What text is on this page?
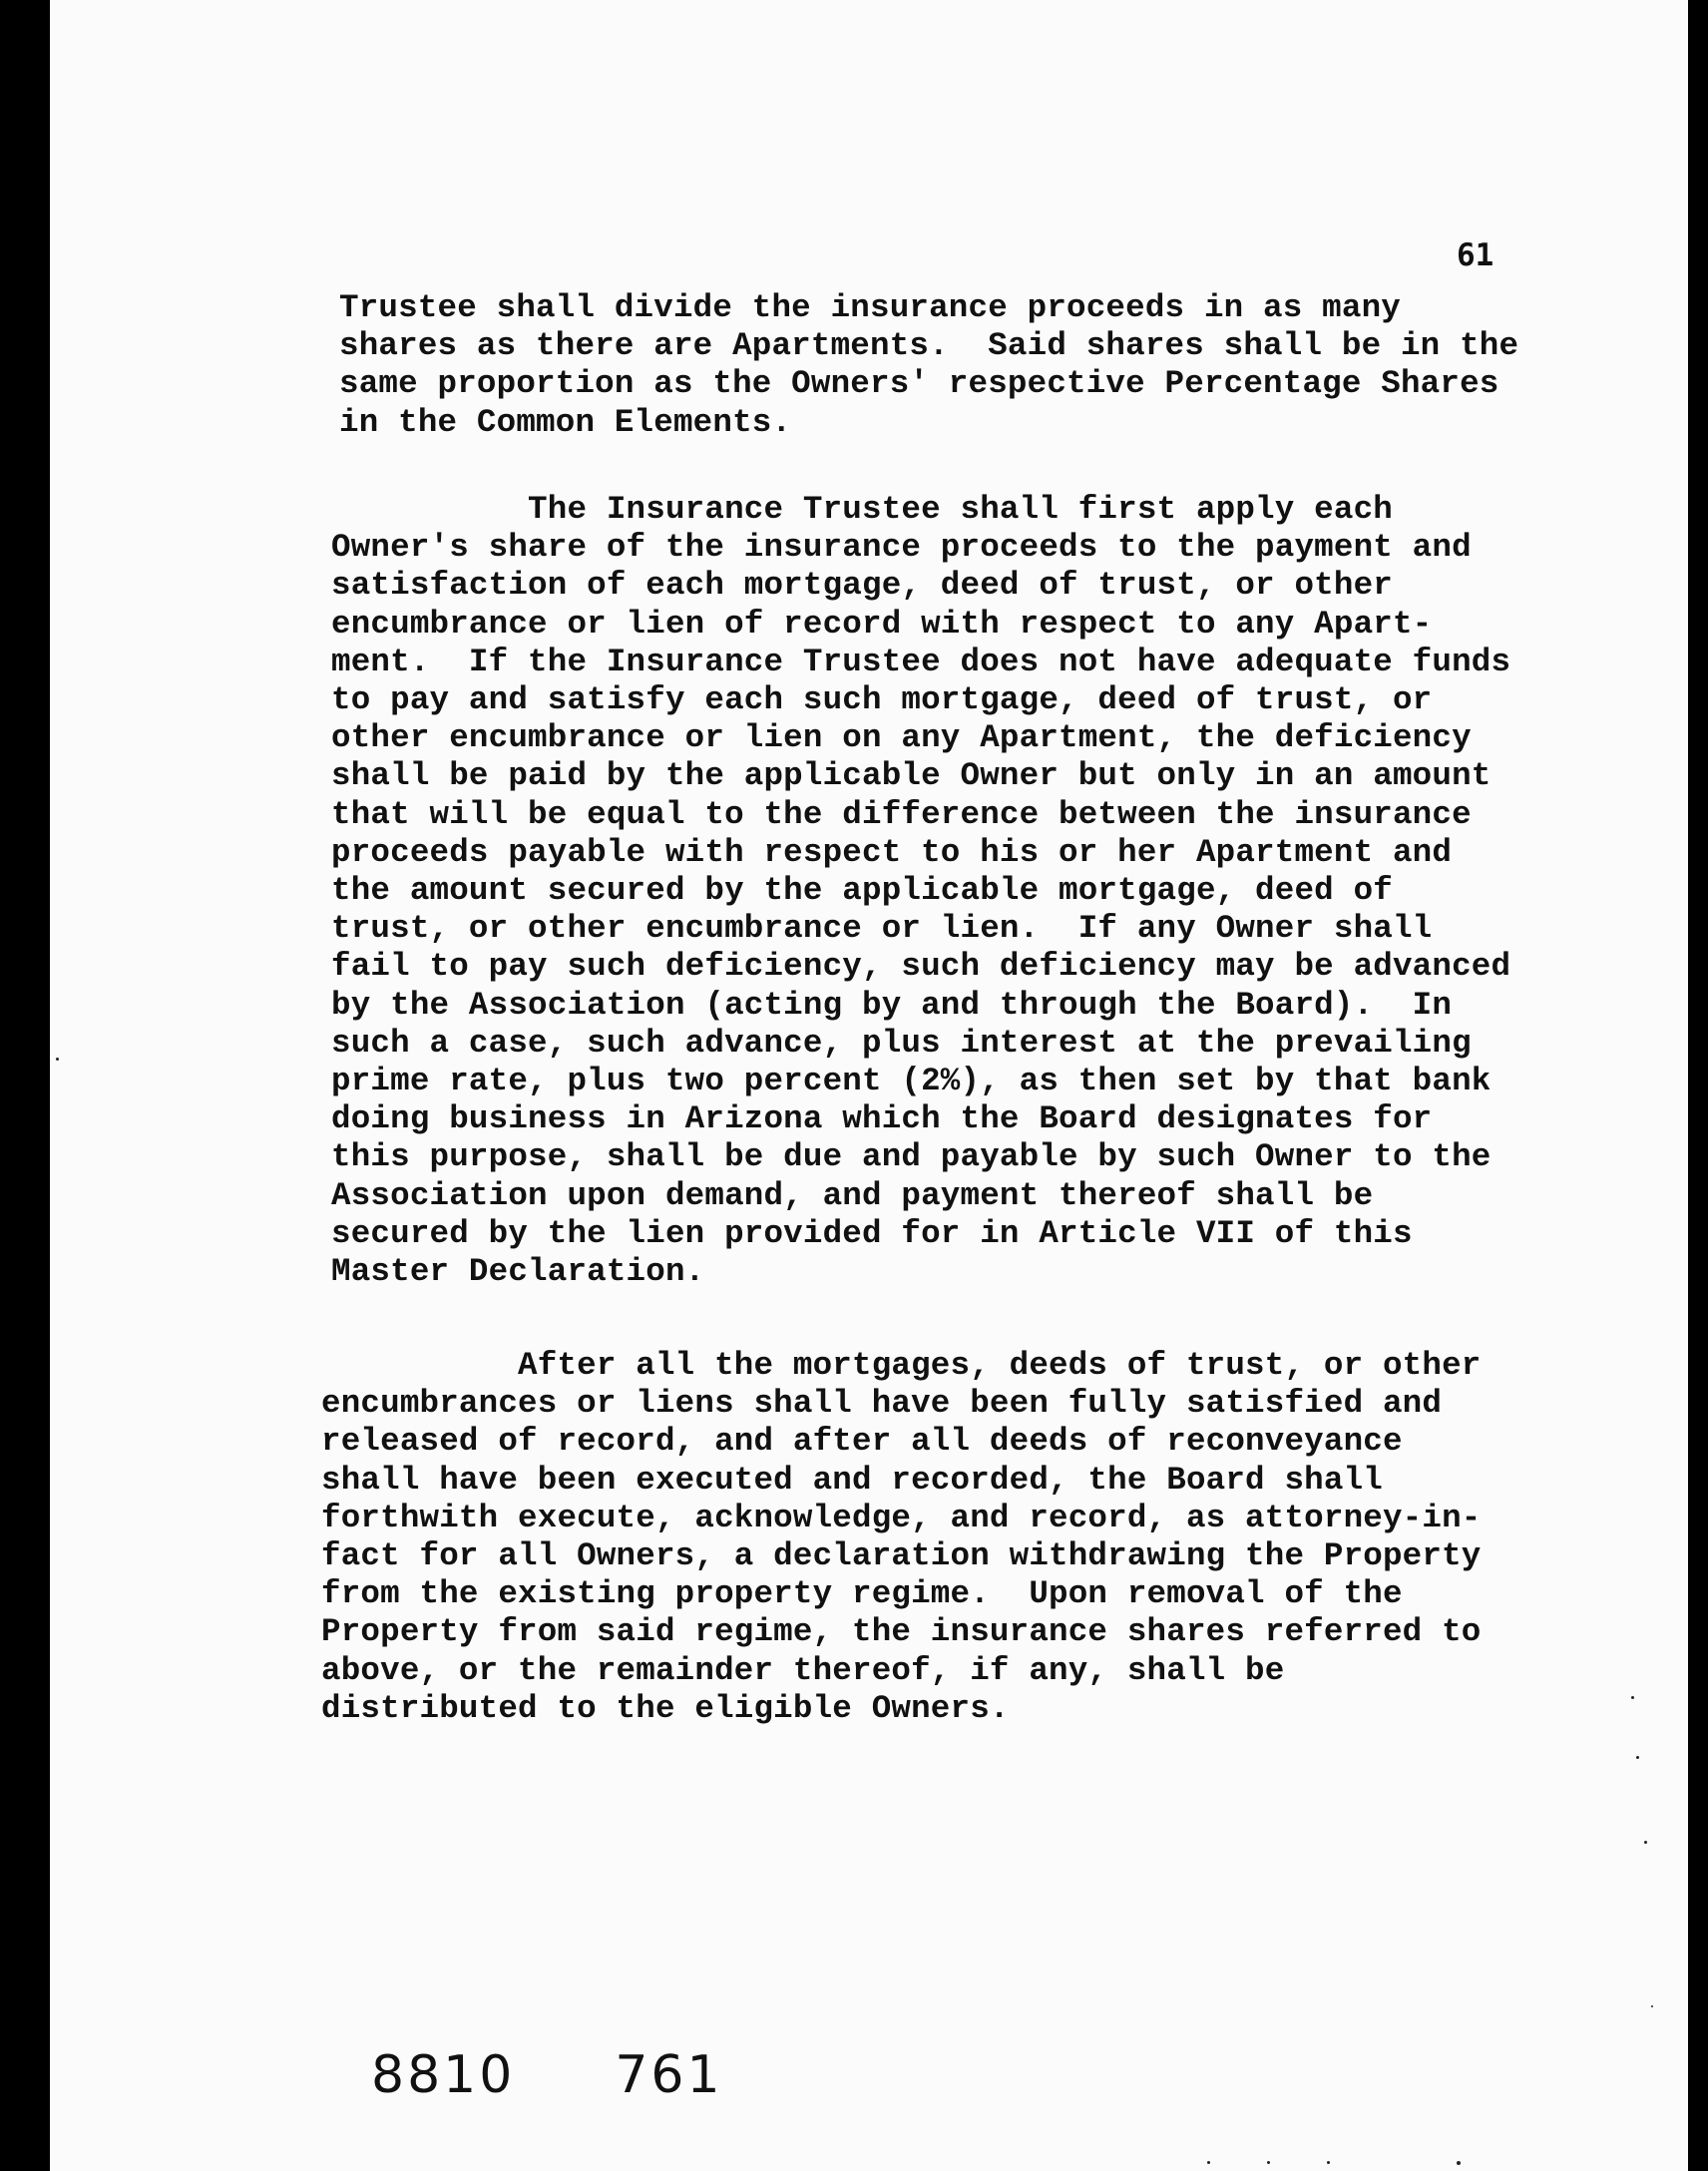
61
Trustee shall divide the insurance proceeds in as many
shares as there are Apartments.  Said shares shall be in the
same proportion as the Owners' respective Percentage Shares
in the Common Elements.
The Insurance Trustee shall first apply each
Owner's share of the insurance proceeds to the payment and
satisfaction of each mortgage, deed of trust, or other
encumbrance or lien of record with respect to any Apart-
ment.  If the Insurance Trustee does not have adequate funds
to pay and satisfy each such mortgage, deed of trust, or
other encumbrance or lien on any Apartment, the deficiency
shall be paid by the applicable Owner but only in an amount
that will be equal to the difference between the insurance
proceeds payable with respect to his or her Apartment and
the amount secured by the applicable mortgage, deed of
trust, or other encumbrance or lien.  If any Owner shall
fail to pay such deficiency, such deficiency may be advanced
by the Association (acting by and through the Board).  In
such a case, such advance, plus interest at the prevailing
prime rate, plus two percent (2%), as then set by that bank
doing business in Arizona which the Board designates for
this purpose, shall be due and payable by such Owner to the
Association upon demand, and payment thereof shall be
secured by the lien provided for in Article VII of this
Master Declaration.
After all the mortgages, deeds of trust, or other
encumbrances or liens shall have been fully satisfied and
released of record, and after all deeds of reconveyance
shall have been executed and recorded, the Board shall
forthwith execute, acknowledge, and record, as attorney-in-
fact for all Owners, a declaration withdrawing the Property
from the existing property regime.  Upon removal of the
Property from said regime, the insurance shares referred to
above, or the remainder thereof, if any, shall be
distributed to the eligible Owners.
8810 761
